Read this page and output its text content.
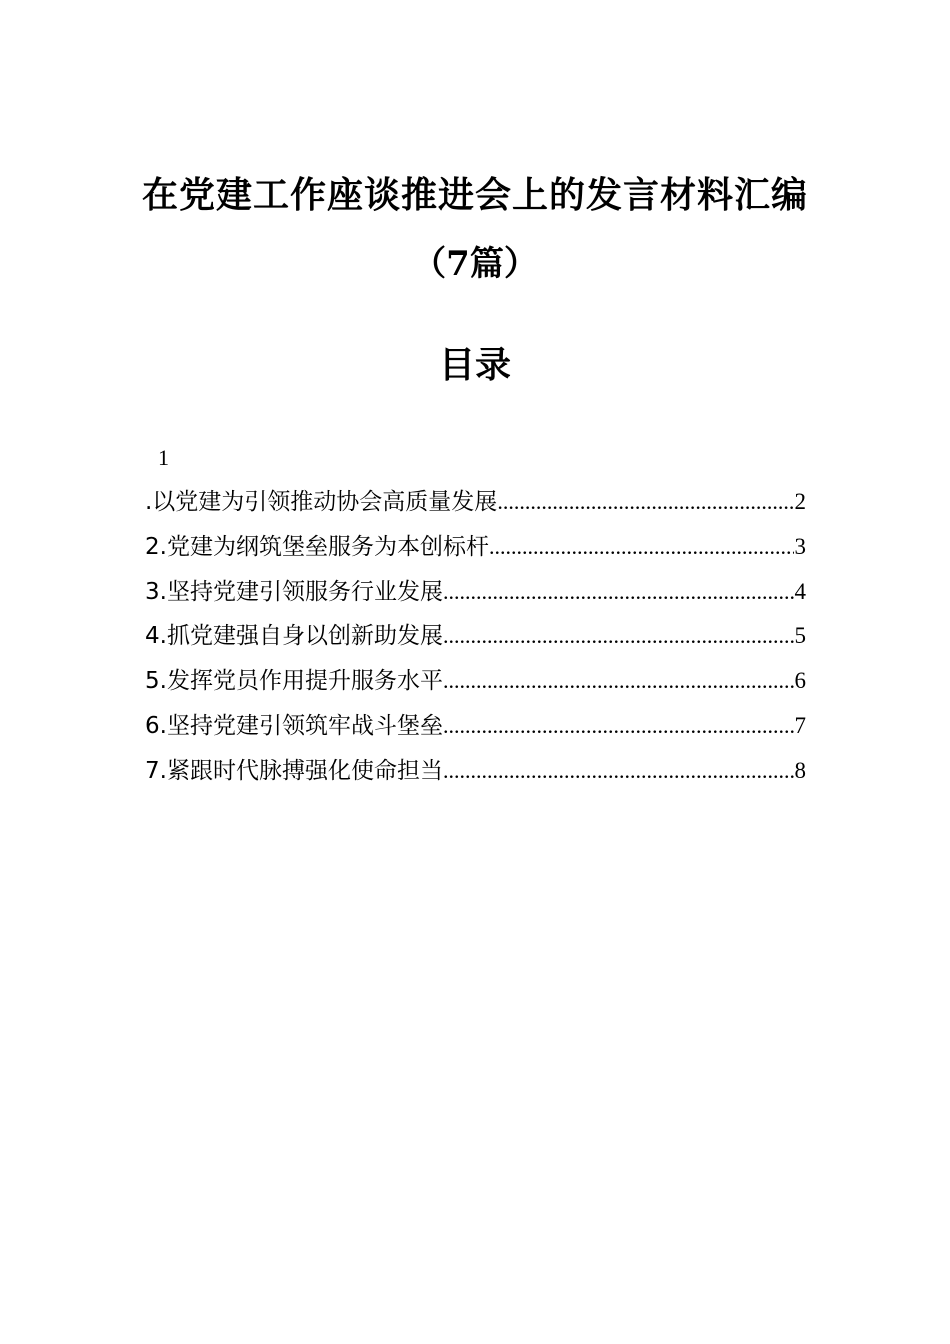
在党建工作座谈推进会上的发言材料汇编
（7篇）
目录
1
.以党建为引领推动协会高质量发展 .....	2
2.党建为纲筑堡垒服务为本创标杆 .....	3
3.坚持党建引领服务行业发展 .....	4
4.抓党建强自身以创新助发展 .....	5
5.发挥党员作用提升服务水平 .....	6
6.坚持党建引领筑牢战斗堡垒 .....	7
7.紧跟时代脉搏强化使命担当 .....	8
